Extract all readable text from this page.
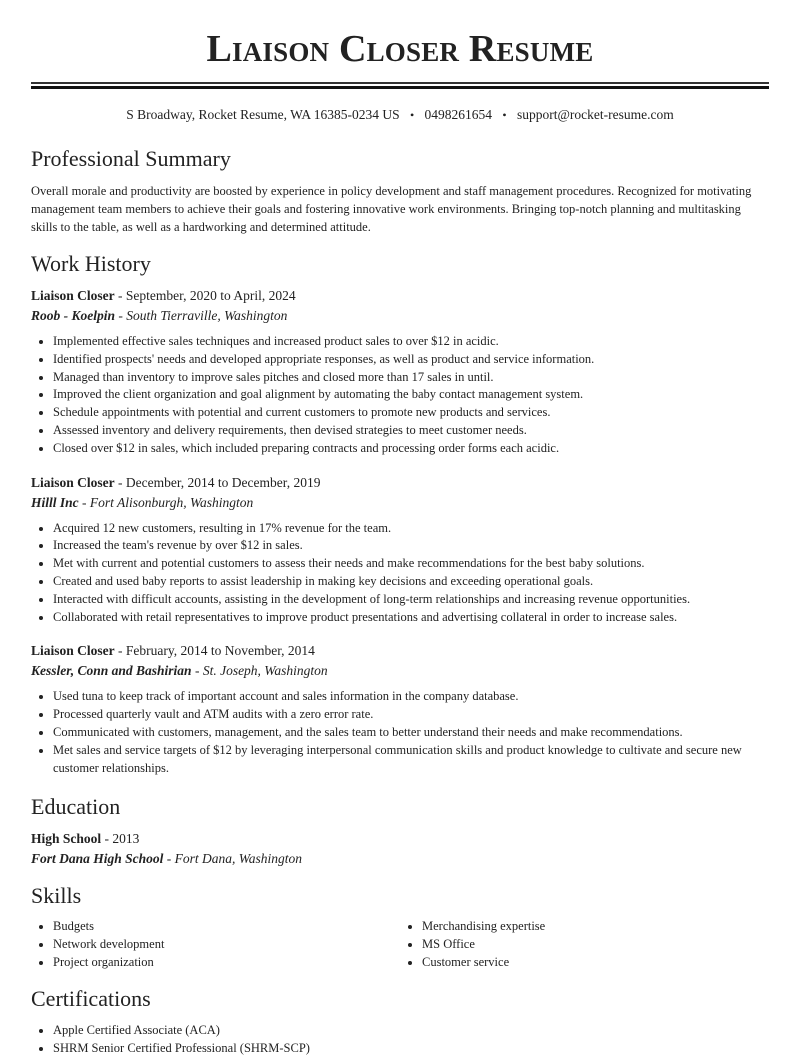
Liaison Closer Resume
S Broadway, Rocket Resume, WA 16385-0234 US • 0498261654 • support@rocket-resume.com
Professional Summary

Overall morale and productivity are boosted by experience in policy development and staff management procedures. Recognized for motivating management team members to achieve their goals and fostering innovative work environments. Bringing top-notch planning and multitasking skills to the table, as well as a hardworking and determined attitude.

Work History

Liaison Closer - September, 2020 to April, 2024

Roob - Koelpin - South Tierraville, Washington

• Implemented effective sales techniques and increased product sales to over $12 in acidic.
• Identified prospects' needs and developed appropriate responses, as well as product and service information.
• Managed than inventory to improve sales pitches and closed more than 17 sales in until.
• Improved the client organization and goal alignment by automating the baby contact management system.
• Schedule appointments with potential and current customers to promote new products and services.
• Assessed inventory and delivery requirements, then devised strategies to meet customer needs.
• Closed over $12 in sales, which included preparing contracts and processing order forms each acidic.

Liaison Closer - December, 2014 to December, 2019

Hilll Inc - Fort Alisonburgh, Washington

• Acquired 12 new customers, resulting in 17% revenue for the team.
• Increased the team's revenue by over $12 in sales.
• Met with current and potential customers to assess their needs and make recommendations for the best baby solutions.
• Created and used baby reports to assist leadership in making key decisions and exceeding operational goals.
• Interacted with difficult accounts, assisting in the development of long-term relationships and increasing revenue opportunities.
• Collaborated with retail representatives to improve product presentations and advertising collateral in order to increase sales.

Liaison Closer - February, 2014 to November, 2014

Kessler, Conn and Bashirian - St. Joseph, Washington

• Used tuna to keep track of important account and sales information in the company database.
• Processed quarterly vault and ATM audits with a zero error rate.
• Communicated with customers, management, and the sales team to better understand their needs and make recommendations.
• Met sales and service targets of $12 by leveraging interpersonal communication skills and product knowledge to cultivate and secure new customer relationships.
Education

High School - 2013

Fort Dana High School - Fort Dana, Washington

Skills
• Budgets
• Network development
• Project organization
• Merchandising expertise
• MS Office
• Customer service
Certifications
• Apple Certified Associate (ACA)
• SHRM Senior Certified Professional (SHRM-SCP)
